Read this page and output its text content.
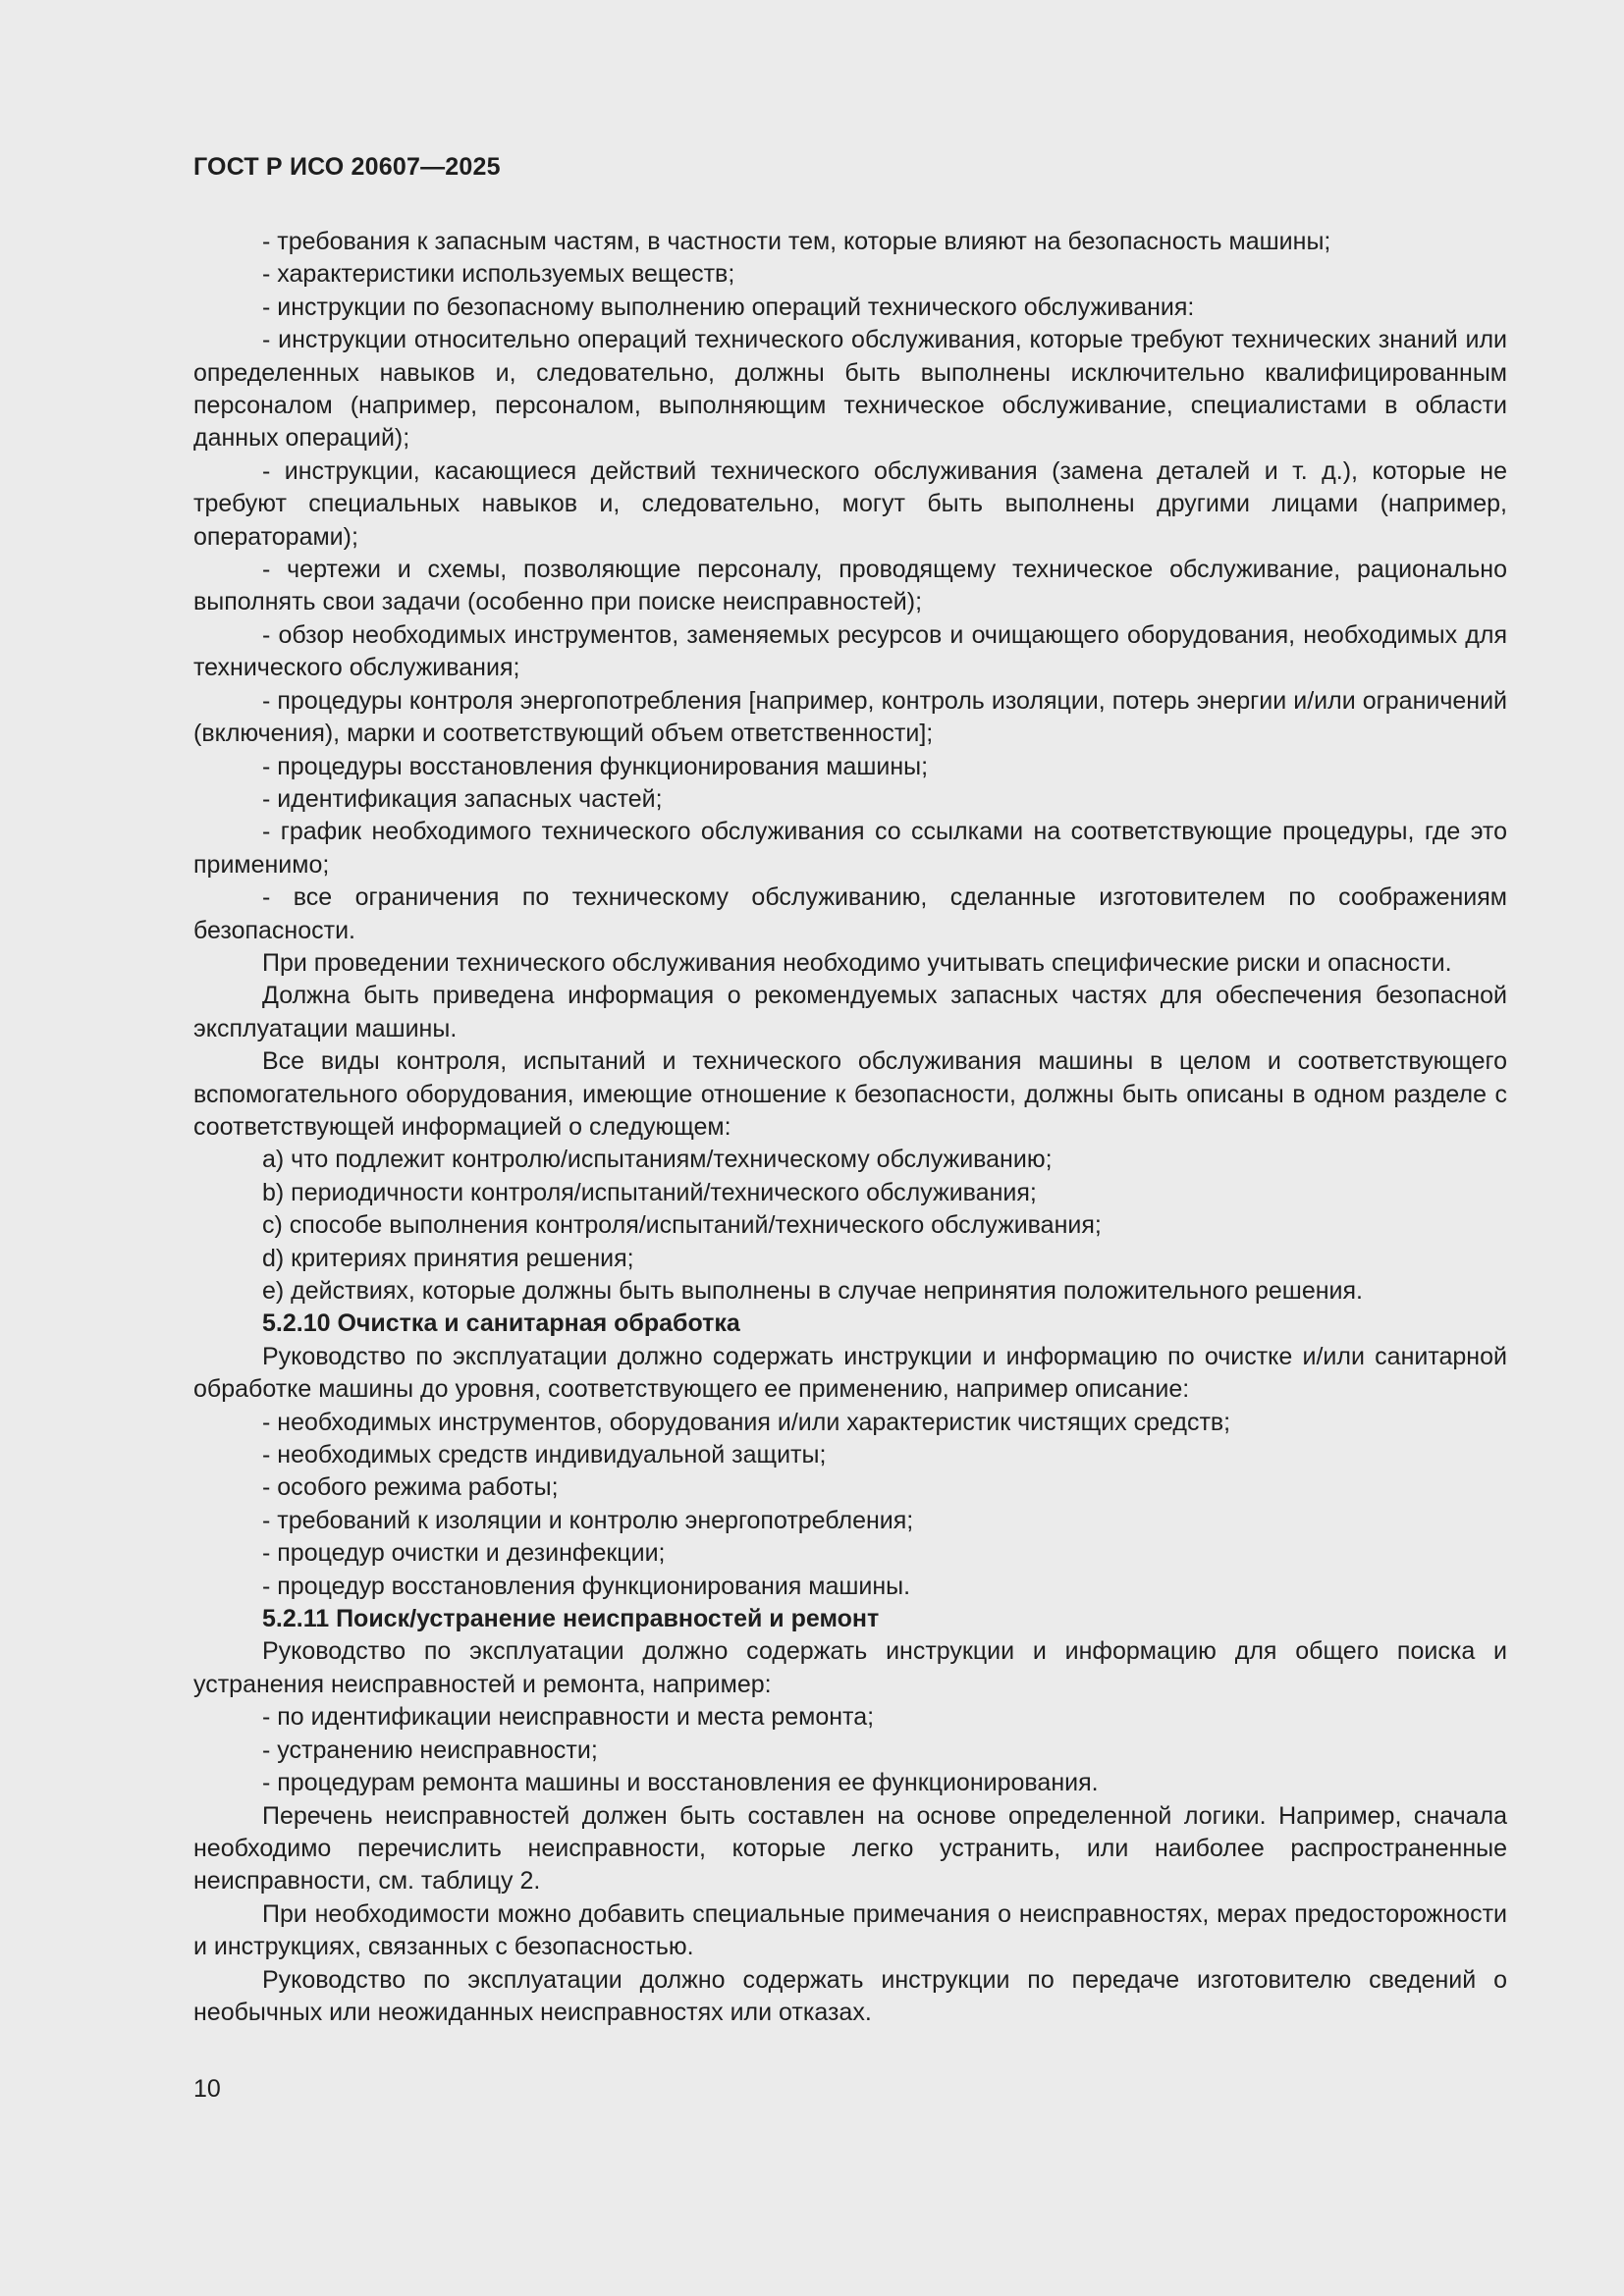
ГОСТ Р ИСО 20607—2025

- требования к запасным частям, в частности тем, которые влияют на безопасность машины;

- характеристики используемых веществ;

- инструкции по безопасному выполнению операций технического обслуживания:

- инструкции относительно операций технического обслуживания, которые требуют технических знаний или определенных навыков и, следовательно, должны быть выполнены исключительно квалифицированным персоналом (например, персоналом, выполняющим техническое обслуживание, специалистами в области данных операций);

- инструкции, касающиеся действий технического обслуживания (замена деталей и т. д.), которые не требуют специальных навыков и, следовательно, могут быть выполнены другими лицами (например, операторами);

- чертежи и схемы, позволяющие персоналу, проводящему техническое обслуживание, рационально выполнять свои задачи (особенно при поиске неисправностей);

- обзор необходимых инструментов, заменяемых ресурсов и очищающего оборудования, необходимых для технического обслуживания;

- процедуры контроля энергопотребления [например, контроль изоляции, потерь энергии и/или ограничений (включения), марки и соответствующий объем ответственности];

- процедуры восстановления функционирования машины;

- идентификация запасных частей;

- график необходимого технического обслуживания со ссылками на соответствующие процедуры, где это применимо;

- все ограничения по техническому обслуживанию, сделанные изготовителем по соображениям безопасности.

При проведении технического обслуживания необходимо учитывать специфические риски и опасности.

Должна быть приведена информация о рекомендуемых запасных частях для обеспечения безопасной эксплуатации машины.

Все виды контроля, испытаний и технического обслуживания машины в целом и соответствующего вспомогательного оборудования, имеющие отношение к безопасности, должны быть описаны в одном разделе с соответствующей информацией о следующем:

a) что подлежит контролю/испытаниям/техническому обслуживанию;

b) периодичности контроля/испытаний/технического обслуживания;

c) способе выполнения контроля/испытаний/технического обслуживания;

d) критериях принятия решения;

e) действиях, которые должны быть выполнены в случае непринятия положительного решения.

5.2.10 Очистка и санитарная обработка

Руководство по эксплуатации должно содержать инструкции и информацию по очистке и/или санитарной обработке машины до уровня, соответствующего ее применению, например описание:

- необходимых инструментов, оборудования и/или характеристик чистящих средств;

- необходимых средств индивидуальной защиты;

- особого режима работы;

- требований к изоляции и контролю энергопотребления;

- процедур очистки и дезинфекции;

- процедур восстановления функционирования машины.

5.2.11 Поиск/устранение неисправностей и ремонт

Руководство по эксплуатации должно содержать инструкции и информацию для общего поиска и устранения неисправностей и ремонта, например:

- по идентификации неисправности и места ремонта;

- устранению неисправности;

- процедурам ремонта машины и восстановления ее функционирования.

Перечень неисправностей должен быть составлен на основе определенной логики. Например, сначала необходимо перечислить неисправности, которые легко устранить, или наиболее распространенные неисправности, см. таблицу 2.

При необходимости можно добавить специальные примечания о неисправностях, мерах предосторожности и инструкциях, связанных с безопасностью.

Руководство по эксплуатации должно содержать инструкции по передаче изготовителю сведений о необычных или неожиданных неисправностях или отказах.

10
